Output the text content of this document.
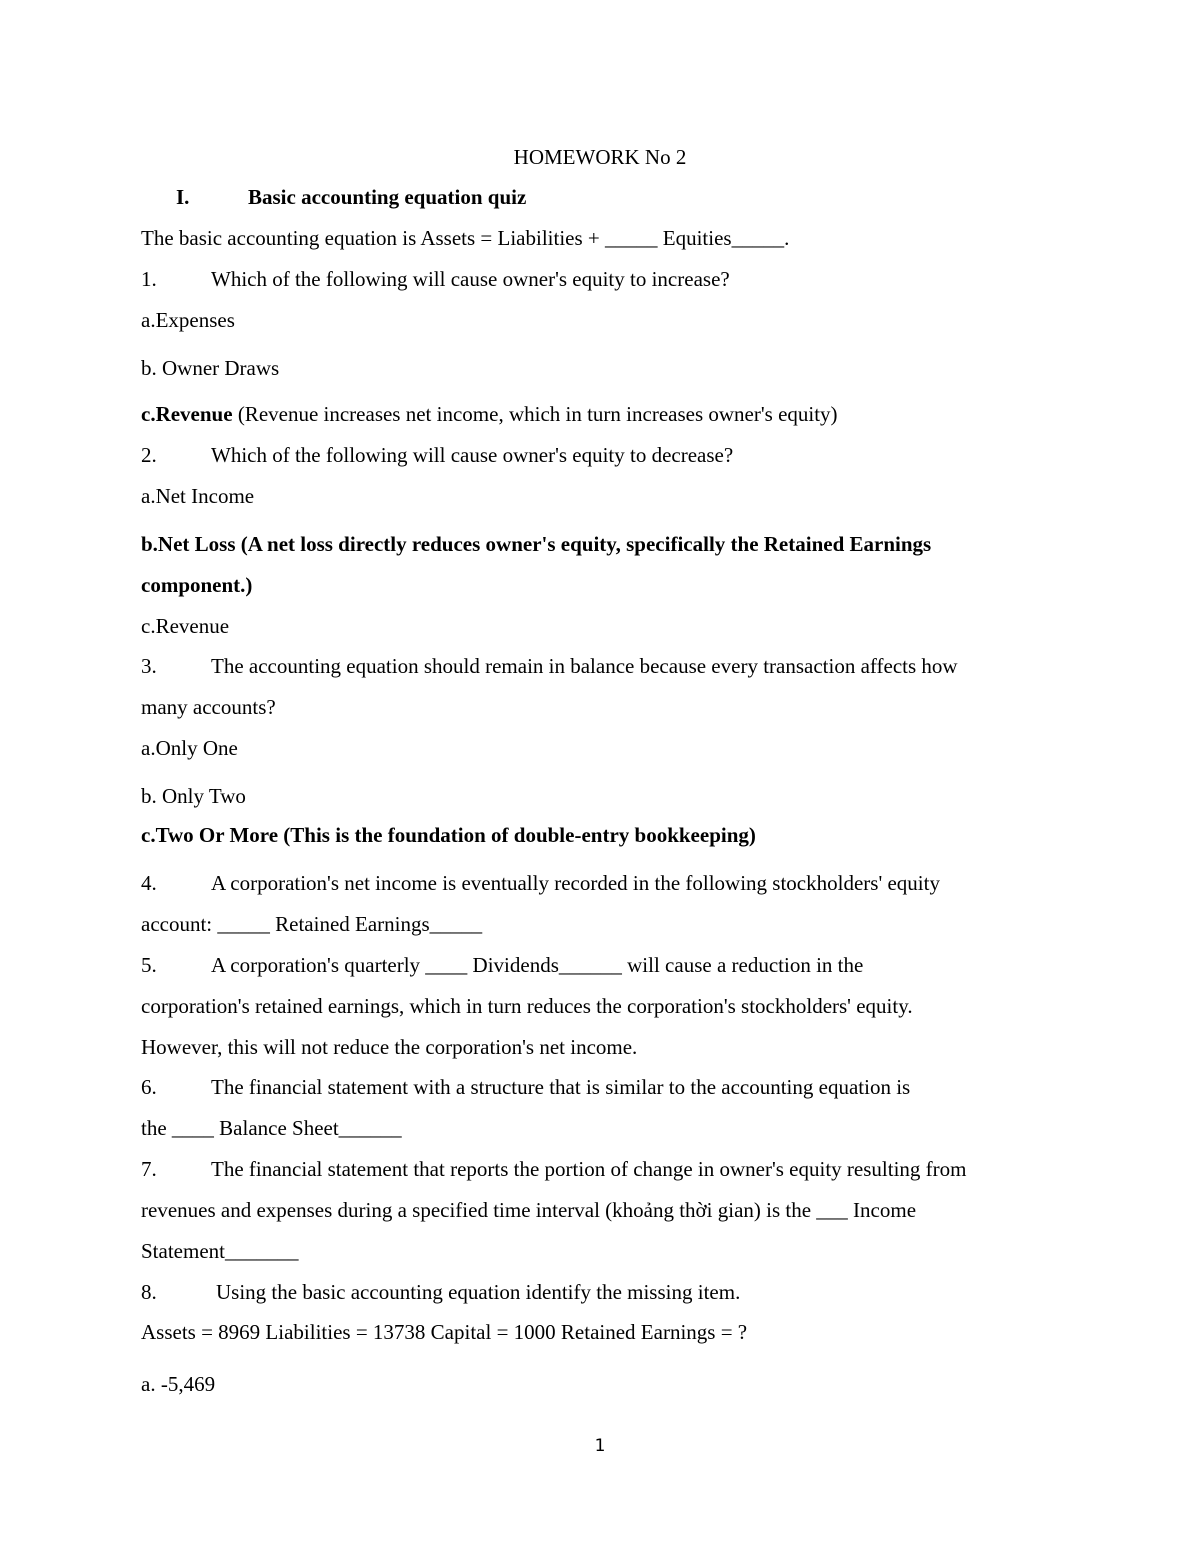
HOMEWORK No 2
I.	Basic accounting equation quiz
The basic accounting equation is Assets = Liabilities + _____ Equities_____.
1.	Which of the following will cause owner's equity to increase?
a.Expenses
b. Owner Draws
c.Revenue (Revenue increases net income, which in turn increases owner's equity)
2.	Which of the following will cause owner's equity to decrease?
a.Net Income
b.Net Loss (A net loss directly reduces owner's equity, specifically the Retained Earnings
component.)
c.Revenue
3.	The accounting equation should remain in balance because every transaction affects how
many accounts?
a.Only One
b. Only Two
c.Two Or More (This is the foundation of double-entry bookkeeping)
4.	A corporation's net income is eventually recorded in the following stockholders' equity
account: _____ Retained Earnings_____
5.	A corporation's quarterly ____ Dividends______ will cause a reduction in the
corporation's retained earnings, which in turn reduces the corporation's stockholders' equity.
However, this will not reduce the corporation's net income.
6.	The financial statement with a structure that is similar to the accounting equation is
the ____ Balance Sheet______
7.	The financial statement that reports the portion of change in owner's equity resulting from
revenues and expenses during a specified time interval (khoảng thời gian) is the ___ Income
Statement_______
8.	Using the basic accounting equation identify the missing item.
Assets = 8969 Liabilities = 13738 Capital = 1000 Retained Earnings = ?
a. -5,469
1
